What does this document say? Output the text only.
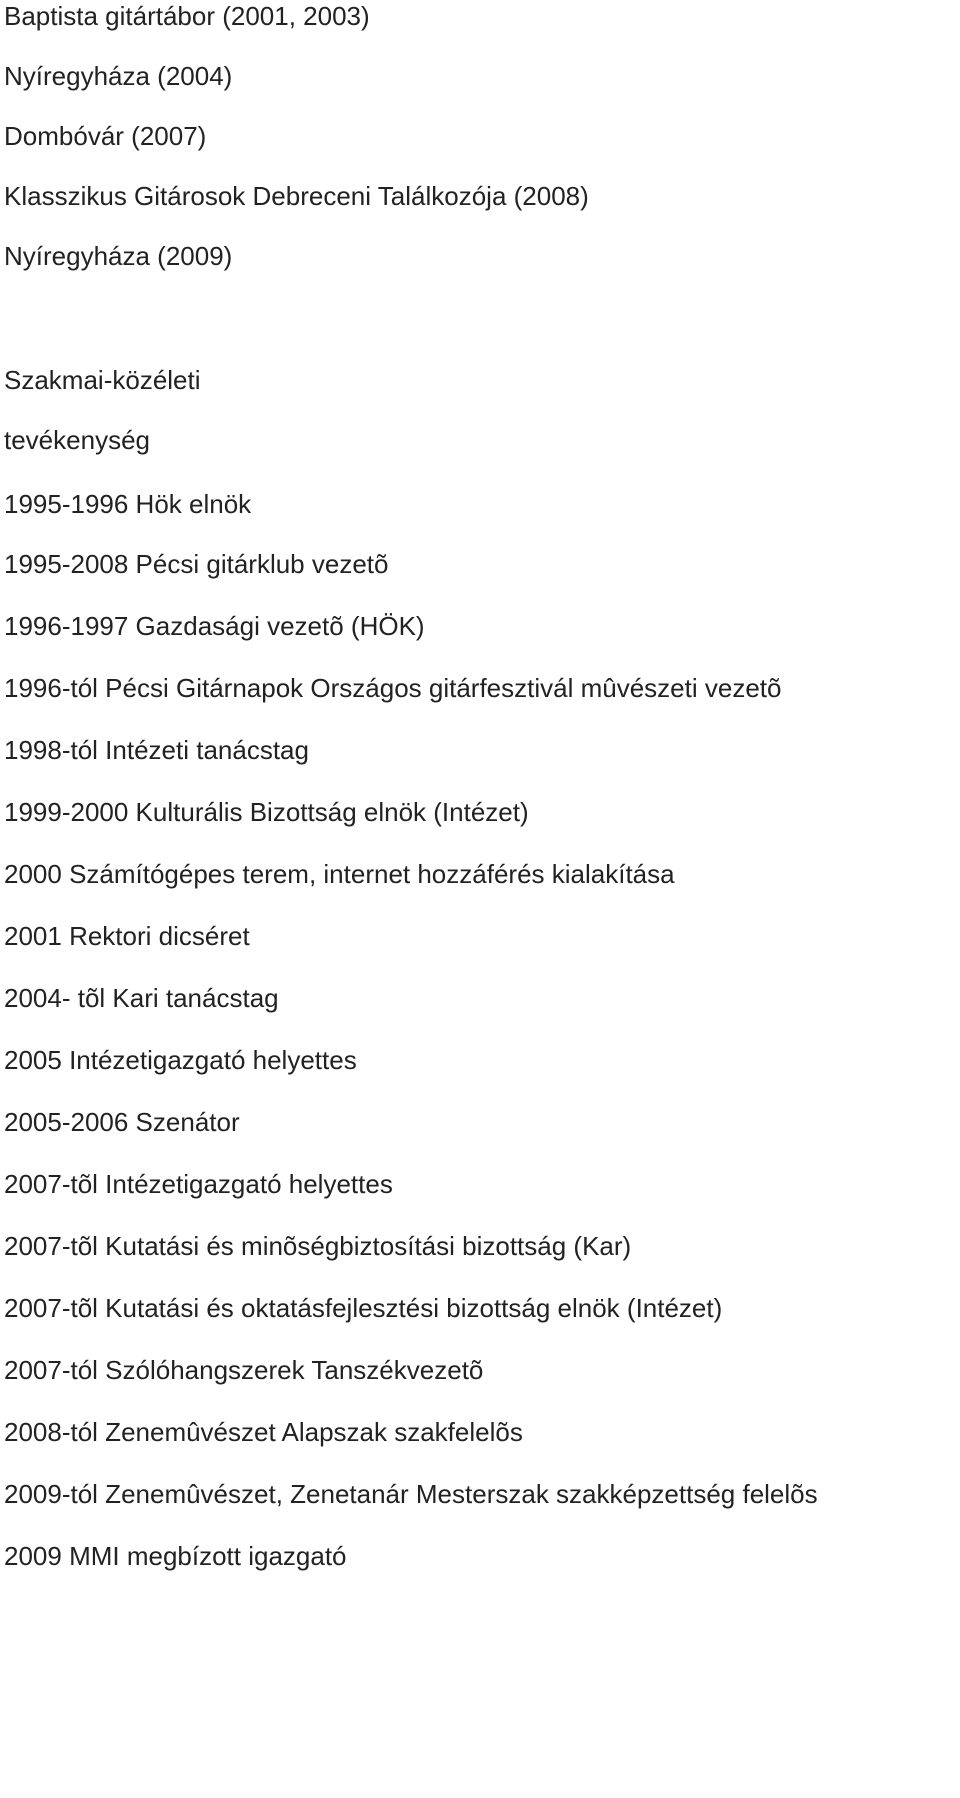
Baptista gitártábor (2001, 2003)
Nyíregyháza (2004)
Dombóvár (2007)
Klasszikus Gitárosok Debreceni Találkozója (2008)
Nyíregyháza (2009)
Szakmai-közéleti
tevékenység
1995-1996 Hök elnök
1995-2008 Pécsi gitárklub vezetõ
1996-1997 Gazdasági vezetõ (HÖK)
1996-tól Pécsi Gitárnapok Országos gitárfesztivál mûvészeti vezetõ
1998-tól Intézeti tanácstag
1999-2000 Kulturális Bizottság elnök (Intézet)
2000 Számítógépes terem, internet hozzáférés kialakítása
2001 Rektori dicséret
2004- tõl Kari tanácstag
2005 Intézetigazgató helyettes
2005-2006 Szenátor
2007-tõl Intézetigazgató helyettes
2007-tõl Kutatási és minõségbiztosítási bizottság (Kar)
2007-tõl Kutatási és oktatásfejlesztési bizottság elnök (Intézet)
2007-tól Szólóhangszerek Tanszékvezetõ
2008-tól Zenemûvészet Alapszak szakfelelõs
2009-tól Zenemûvészet, Zenetanár Mesterszak szakképzettség felelõs
2009 MMI megbízott igazgató
